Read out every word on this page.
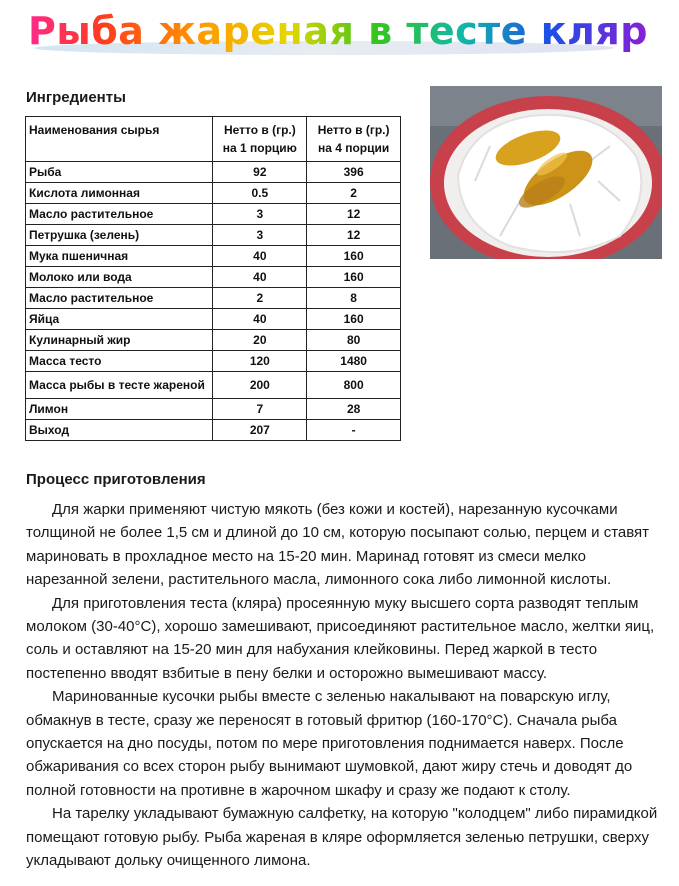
Рыба жареная в тесте кляр
Ингредиенты
Наименования сырья	Нетто в (гр.) на 1 порцию	Нетто в (гр.) на 4 порции
Рыба	92	396
Кислота лимонная	0.5	2
Масло растительное	3	12
Петрушка (зелень)	3	12
Мука пшеничная	40	160
Молоко или вода	40	160
Масло растительное	2	8
Яйца	40	160
Кулинарный жир	20	80
Масса тесто	120	1480
Масса рыбы в тесте жареной	200	800
Лимон	7	28
Выход	207	-
Процесс приготовления

Для жарки применяют чистую мякоть (без кожи и костей), нарезанную кусочками толщиной не более 1,5 см и длиной до 10 см, которую посыпают солью, перцем и ставят мариновать в прохладное место на 15-20 мин. Маринад готовят из смеси мелко нарезанной зелени, растительного масла, лимонного сока либо лимонной кислоты.

Для приготовления теста (кляра) просеянную муку высшего сорта разводят теплым молоком (30-40°С), хорошо замешивают, присоединяют растительное масло, желтки яиц, соль и оставляют на 15-20 мин для набухания клейковины. Перед жаркой в тесто постепенно вводят взбитые в пену белки и осторожно вымешивают массу.

Маринованные кусочки рыбы вместе с зеленью накалывают на поварскую иглу, обмакнув в тесте, сразу же переносят в готовый фритюр (160-170°С). Сначала рыба опускается на дно посуды, потом по мере приготовления поднимается наверх. После обжаривания со всех сторон рыбу вынимают шумовкой, дают жиру стечь и доводят до полной готовности на противне в жарочном шкафу и сразу же подают к столу.

На тарелку укладывают бумажную салфетку, на которую "колодцем" либо пирамидкой помещают готовую рыбу. Рыба жареная в кляре оформляется зеленью петрушки, сверху укладывают дольку очищенного лимона.
